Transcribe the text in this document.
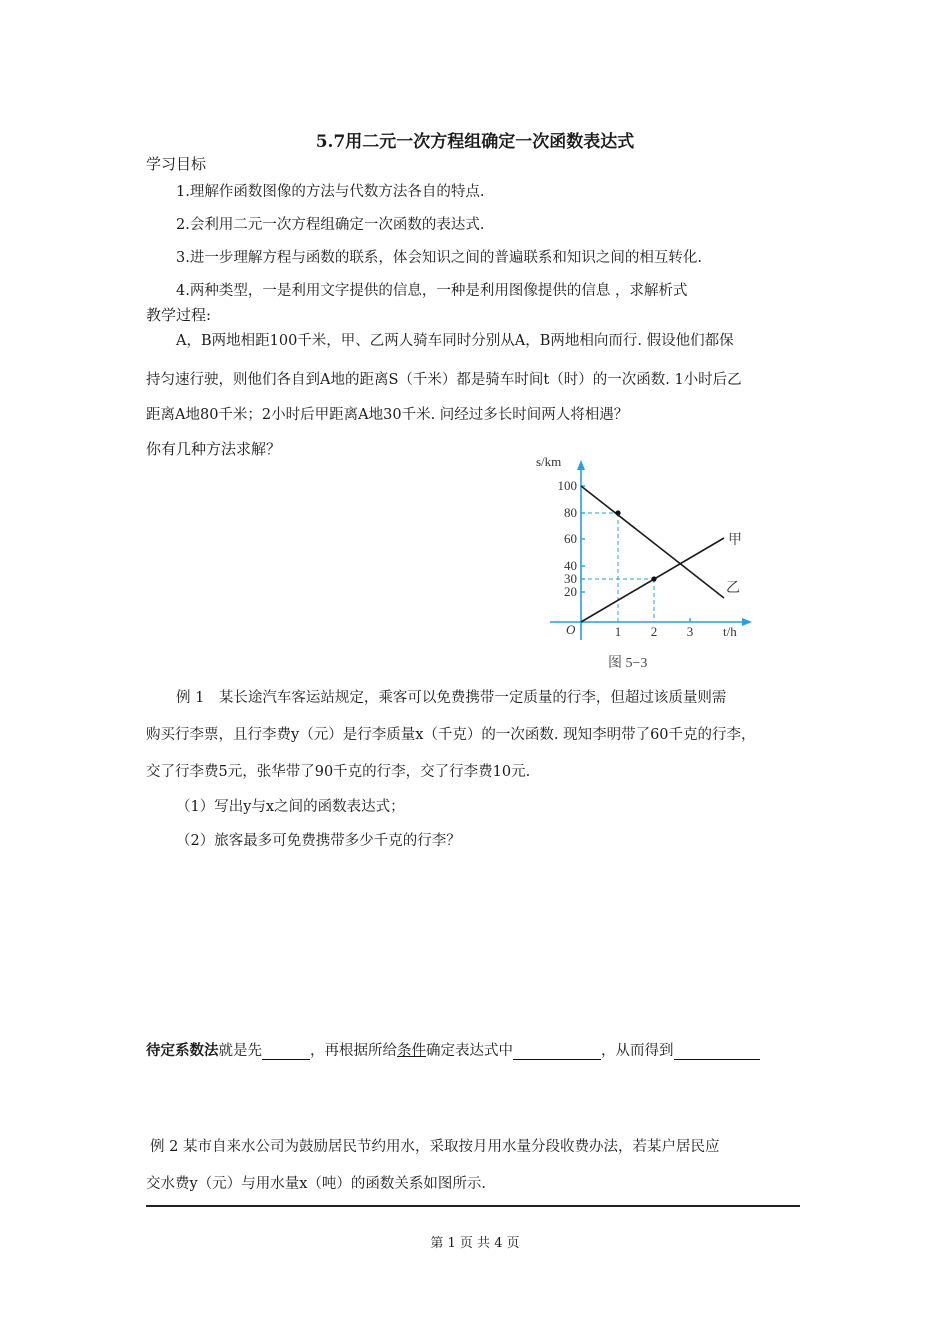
5.7用二元一次方程组确定一次函数表达式
学习目标
1.理解作函数图像的方法与代数方法各自的特点.
2.会利用二元一次方程组确定一次函数的表达式.
3.进一步理解方程与函数的联系，体会知识之间的普遍联系和知识之间的相互转化.
4.两种类型，一是利用文字提供的信息，一种是利用图像提供的信息 ，求解析式
教学过程:
A，B两地相距100千米，甲、乙两人骑车同时分别从A，B两地相向而行. 假设他们都保
持匀速行驶，则他们各自到A地的距离S（千米）都是骑车时间t（时）的一次函数. 1小时后乙
距离A地80千米；2小时后甲距离A地30千米. 问经过多长时间两人将相遇？
你有几种方法求解？
s/km
100
80
60
40
30
20
1 2 3
O	t/h
甲
乙
图 5−3
例 1　某长途汽车客运站规定，乘客可以免费携带一定质量的行李，但超过该质量则需
购买行李票，且行李费y（元）是行李质量x（千克）的一次函数. 现知李明带了60千克的行李，
交了行李费5元，张华带了90千克的行李，交了行李费10元.
（1）写出y与x之间的函数表达式；
（2）旅客最多可免费携带多少千克的行李？
待定系数法就是先	，再根据所给条件确定表达式中	，从而得到
例 2 某市自来水公司为鼓励居民节约用水，采取按月用水量分段收费办法，若某户居民应
交水费y（元）与用水量x（吨）的函数关系如图所示.
第 1 页 共 4 页
